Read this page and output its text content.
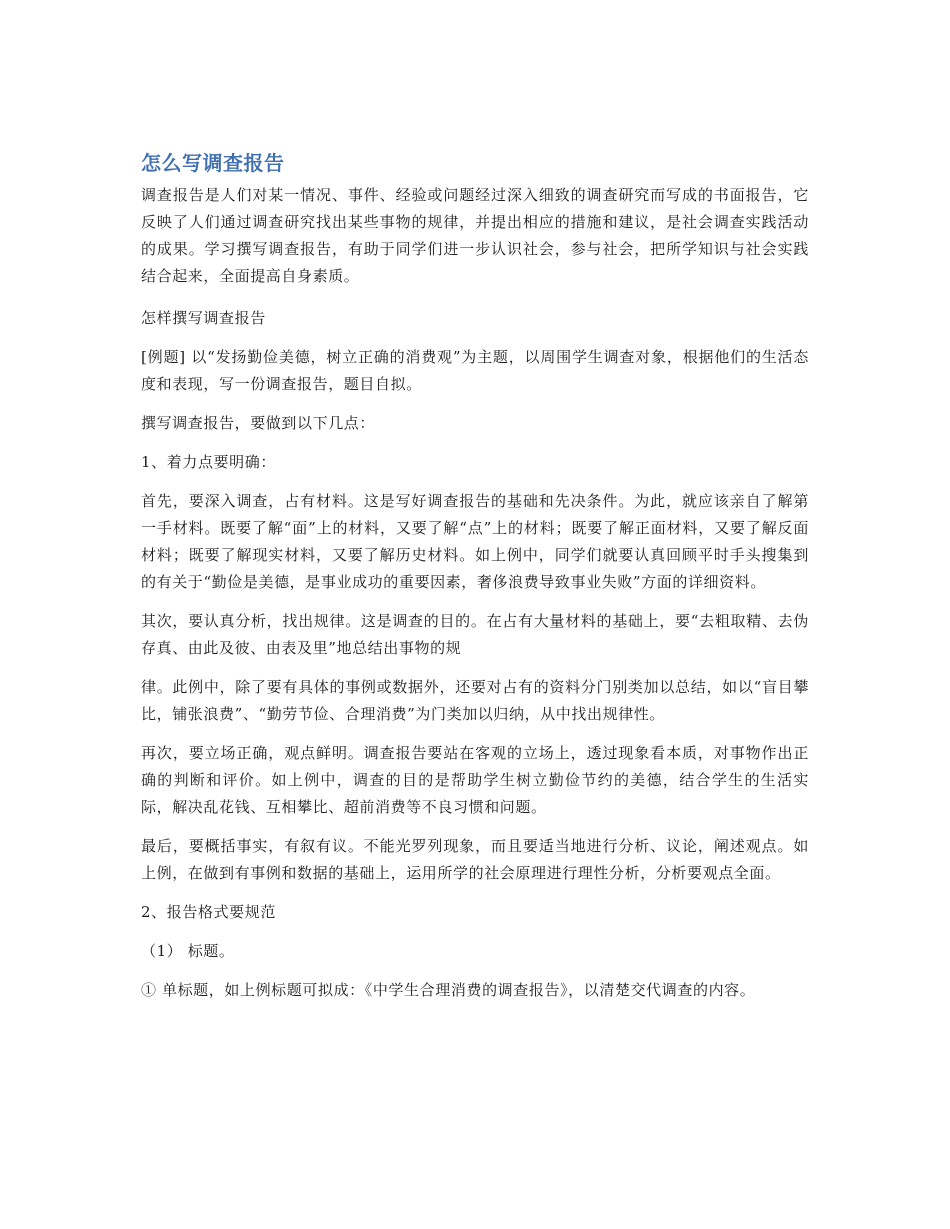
怎么写调查报告

调查报告是人们对某一情况、事件、经验或问题经过深入细致的调查研究而写成的书面报告，它反映了人们通过调查研究找出某些事物的规律，并提出相应的措施和建议，是社会调查实践活动的成果。学习撰写调查报告，有助于同学们进一步认识社会，参与社会，把所学知识与社会实践结合起来，全面提高自身素质。

怎样撰写调查报告

[例题] 以“发扬勤俭美德，树立正确的消费观”为主题，以周围学生调查对象，根据他们的生活态度和表现，写一份调查报告，题目自拟。

撰写调查报告，要做到以下几点：

1、着力点要明确：

首先，要深入调查，占有材料。这是写好调查报告的基础和先决条件。为此，就应该亲自了解第一手材料。既要了解“面”上的材料，又要了解“点”上的材料；既要了解正面材料，又要了解反面材料；既要了解现实材料，又要了解历史材料。如上例中，同学们就要认真回顾平时手头搜集到的有关于“勤俭是美德，是事业成功的重要因素，奢侈浪费导致事业失败”方面的详细资料。

其次，要认真分析，找出规律。这是调查的目的。在占有大量材料的基础上，要“去粗取精、去伪存真、由此及彼、由表及里”地总结出事物的规

律。此例中，除了要有具体的事例或数据外，还要对占有的资料分门别类加以总结，如以“盲目攀比，铺张浪费”、“勤劳节俭、合理消费”为门类加以归纳，从中找出规律性。

再次，要立场正确，观点鲜明。调查报告要站在客观的立场上，透过现象看本质，对事物作出正确的判断和评价。如上例中，调查的目的是帮助学生树立勤俭节约的美德，结合学生的生活实际，解决乱花钱、互相攀比、超前消费等不良习惯和问题。

最后，要概括事实，有叙有议。不能光罗列现象，而且要适当地进行分析、议论，阐述观点。如上例，在做到有事例和数据的基础上，运用所学的社会原理进行理性分析，分析要观点全面。

2、报告格式要规范

（1） 标题。

① 单标题，如上例标题可拟成：《中学生合理消费的调查报告》，以清楚交代调查的内容。
